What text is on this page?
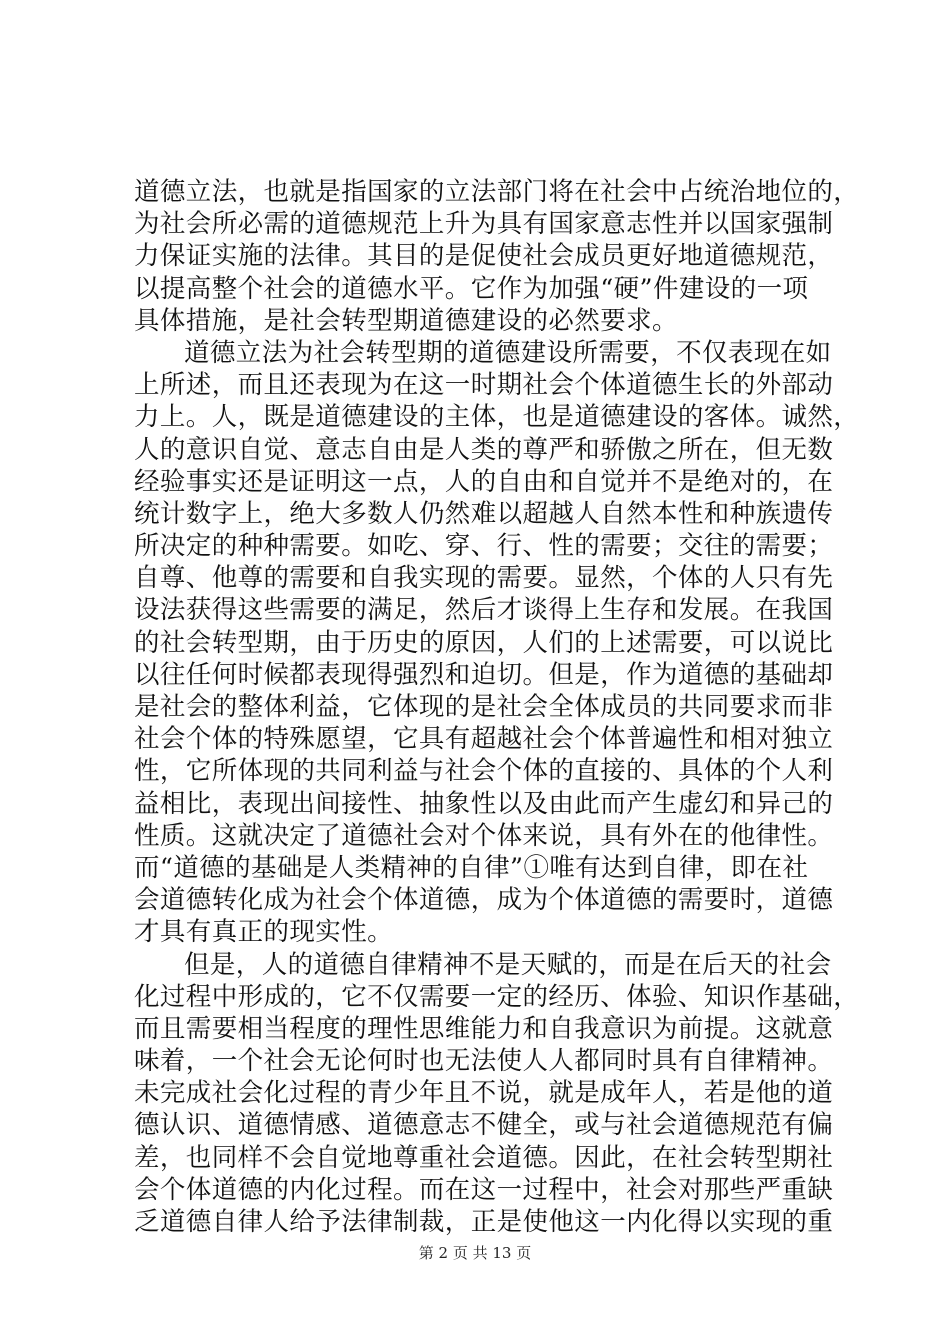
道德立法，也就是指国家的立法部门将在社会中占统治地位的，
为社会所必需的道德规范上升为具有国家意志性并以国家强制
力保证实施的法律。其目的是促使社会成员更好地道德规范，
以提高整个社会的道德水平。它作为加强“硬”件建设的一项
具体措施，是社会转型期道德建设的必然要求。
道德立法为社会转型期的道德建设所需要，不仅表现在如
上所述，而且还表现为在这一时期社会个体道德生长的外部动
力上。人，既是道德建设的主体，也是道德建设的客体。诚然，
人的意识自觉、意志自由是人类的尊严和骄傲之所在，但无数
经验事实还是证明这一点，人的自由和自觉并不是绝对的，在
统计数字上，绝大多数人仍然难以超越人自然本性和种族遗传
所决定的种种需要。如吃、穿、行、性的需要；交往的需要；
自尊、他尊的需要和自我实现的需要。显然，个体的人只有先
设法获得这些需要的满足，然后才谈得上生存和发展。在我国
的社会转型期，由于历史的原因，人们的上述需要，可以说比
以往任何时候都表现得强烈和迫切。但是，作为道德的基础却
是社会的整体利益，它体现的是社会全体成员的共同要求而非
社会个体的特殊愿望，它具有超越社会个体普遍性和相对独立
性，它所体现的共同利益与社会个体的直接的、具体的个人利
益相比，表现出间接性、抽象性以及由此而产生虚幻和异己的
性质。这就决定了道德社会对个体来说，具有外在的他律性。
而“道德的基础是人类精神的自律”①唯有达到自律，即在社
会道德转化成为社会个体道德，成为个体道德的需要时，道德
才具有真正的现实性。
但是，人的道德自律精神不是天赋的，而是在后天的社会
化过程中形成的，它不仅需要一定的经历、体验、知识作基础，
而且需要相当程度的理性思维能力和自我意识为前提。这就意
味着，一个社会无论何时也无法使人人都同时具有自律精神。
未完成社会化过程的青少年且不说，就是成年人，若是他的道
德认识、道德情感、道德意志不健全，或与社会道德规范有偏
差，也同样不会自觉地尊重社会道德。因此，在社会转型期社
会个体道德的内化过程。而在这一过程中，社会对那些严重缺
乏道德自律人给予法律制裁，正是使他这一内化得以实现的重
第 2 页 共 13 页
